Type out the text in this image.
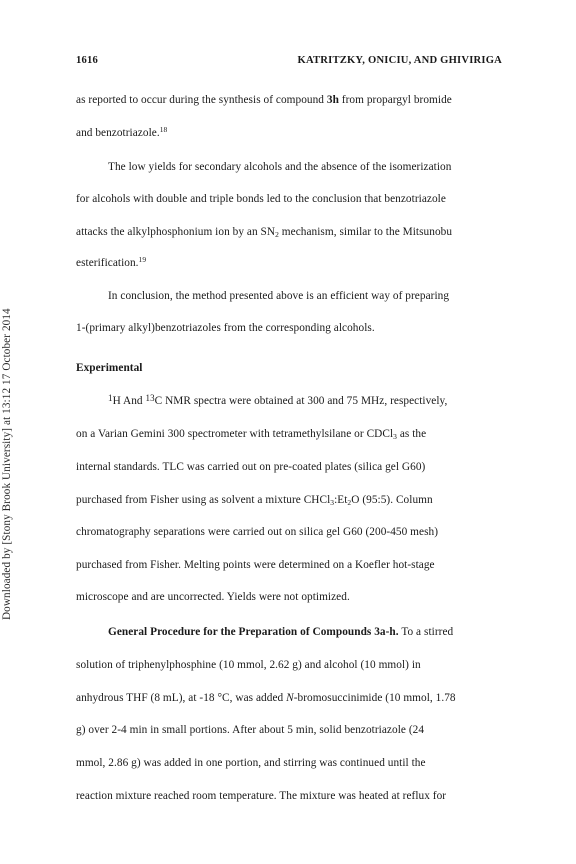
Downloaded by [Stony Brook University] at 13:12 17 October 2014
1616	KATRITZKY, ONICIU, AND GHIVIRIGA
as reported to occur during the synthesis of compound 3h from propargyl bromide
and benzotriazole.$^{18}$
The low yields for secondary alcohols and the absence of the isomerization
for alcohols with double and triple bonds led to the conclusion that benzotriazole
attacks the alkylphosphonium ion by an $SN_2$ mechanism, similar to the Mitsunobu
esterification.$^{19}$
In conclusion, the method presented above is an efficient way of preparing
1-(primary alkyl)benzotriazoles from the corresponding alcohols.
Experimental
$^1$H And $^{13}$C NMR spectra were obtained at 300 and 75 MHz, respectively,
on a Varian Gemini 300 spectrometer with tetramethylsilane or CDCl$_3$ as the
internal standards. TLC was carried out on pre-coated plates (silica gel G60)
purchased from Fisher using as solvent a mixture $CHCl_3:Et_2O$ (95:5). Column
chromatography separations were carried out on silica gel G60 (200-450 mesh)
purchased from Fisher. Melting points were determined on a Koefler hot-stage
microscope and are uncorrected. Yields were not optimized.
General Procedure for the Preparation of Compounds 3a-h. To a stirred
solution of triphenylphosphine (10 mmol, 2.62 g) and alcohol (10 mmol) in
anhydrous THF (8 mL), at -18 °C, was added N-bromosuccinimide (10 mmol, 1.78
g) over 2-4 min in small portions. After about 5 min, solid benzotriazole (24
mmol, 2.86 g) was added in one portion, and stirring was continued until the
reaction mixture reached room temperature. The mixture was heated at reflux for
